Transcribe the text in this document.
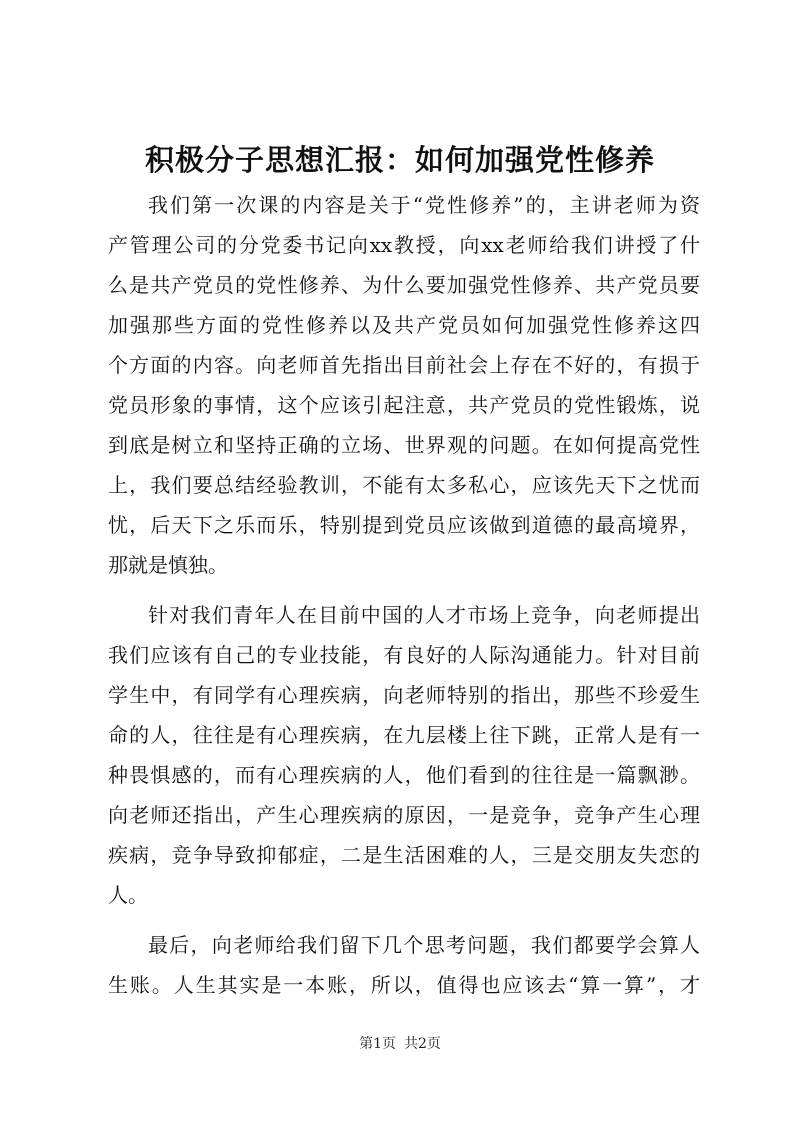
积极分子思想汇报：如何加强党性修养
我们第一次课的内容是关于“党性修养”的，主讲老师为资
产管理公司的分党委书记向xx教授，向xx老师给我们讲授了什
么是共产党员的党性修养、为什么要加强党性修养、共产党员要
加强那些方面的党性修养以及共产党员如何加强党性修养这四
个方面的内容。向老师首先指出目前社会上存在不好的，有损于
党员形象的事情，这个应该引起注意，共产党员的党性锻炼，说
到底是树立和坚持正确的立场、世界观的问题。在如何提高党性
上，我们要总结经验教训，不能有太多私心，应该先天下之忧而
忧，后天下之乐而乐，特别提到党员应该做到道德的最高境界，
那就是慎独。
针对我们青年人在目前中国的人才市场上竞争，向老师提出
我们应该有自己的专业技能，有良好的人际沟通能力。针对目前
学生中，有同学有心理疾病，向老师特别的指出，那些不珍爱生
命的人，往往是有心理疾病，在九层楼上往下跳，正常人是有一
种畏惧感的，而有心理疾病的人，他们看到的往往是一篇飘渺。
向老师还指出，产生心理疾病的原因，一是竞争，竞争产生心理
疾病，竞争导致抑郁症，二是生活困难的人，三是交朋友失恋的
人。
最后，向老师给我们留下几个思考问题，我们都要学会算人
生账。人生其实是一本账，所以，值得也应该去“算一算”，才
第1页 共2页
